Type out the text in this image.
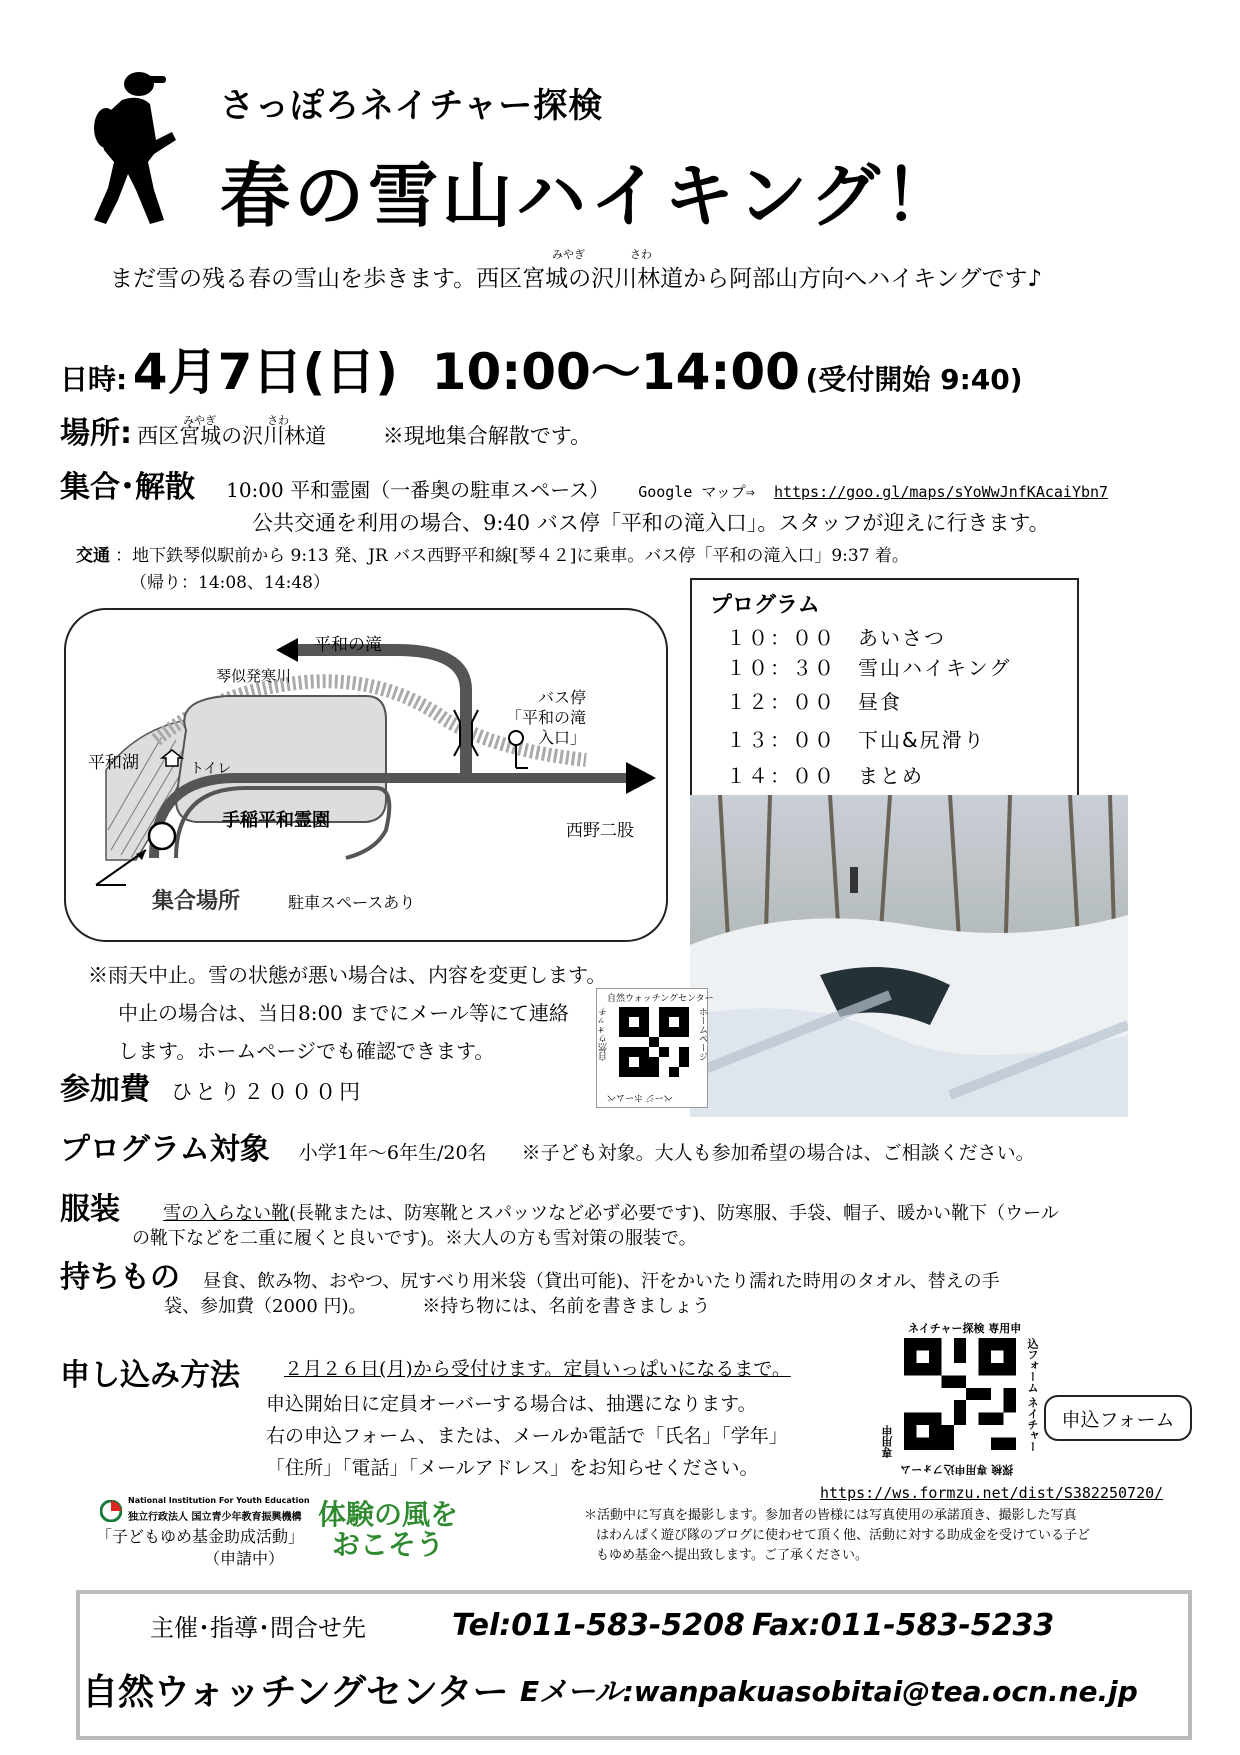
さっぽろネイチャー探検
春の雪山ハイキング！
まだ雪の残る春の雪山を歩きます。西区宮城の沢川林道から阿部山方向へハイキングです♪
みやぎ	さわ
日時: 4月7日(日) 10:00～14:00 (受付開始 9:40)
場所: 西区宮城の沢川林道
みやぎ	さわ
※現地集合解散です。
集合･解散 10:00 平和霊園（一番奥の駐車スペース） Google マップ⇒ https://goo.gl/maps/sYoWwJnfKAcaiYbn7
公共交通を利用の場合、9:40 バス停「平和の滝入口」。スタッフが迎えに行きます。
交通 ：地下鉄琴似駅前から 9:13 発、JR バス西野平和線[琴４２]に乗車。バス停「平和の滝入口」9:37 着。
（帰り：14:08、14:48）
平和の滝
琴似発寒川
平和湖	トイレ
手稲平和霊園
バス停
「平和の滝
入口」
西野二股
集合場所	駐車スペースあり
プログラム
１０：００ あいさつ
１０：３０ 雪山ハイキング
１２：００ 昼食
１３：００ 下山&尻滑り
１４：００ まとめ
自然ウォッチングセンター
ホームページ
自然ウォッチ
ページ ホームペ
※雨天中止。雪の状態が悪い場合は、内容を変更します。
中止の場合は、当日8:00 までにメール等にて連絡
します。ホームページでも確認できます。
参加費 ひとり２０００円
プログラム対象 小学1年～6年生/20名 ※子ども対象。大人も参加希望の場合は、ご相談ください。
服装 雪の入らない靴(長靴または、防寒靴とスパッツなど必ず必要です)、防寒服、手袋、帽子、暖かい靴下（ウール
の靴下などを二重に履くと良いです)。※大人の方も雪対策の服装で。
持ちもの 昼食、飲み物、おやつ、尻すべり用米袋（貸出可能)、汗をかいたり濡れた時用のタオル、替えの手
袋、参加費（2000 円)。	※持ち物には、名前を書きましょう
申し込み方法 ２月２６日(月)から受付けます。定員いっぱいになるまで。
申込開始日に定員オーバーする場合は、抽選になります。
右の申込フォーム、または、メールか電話で「氏名」「学年」
「住所」「電話」「メールアドレス」をお知らせください。
ネイチャー探検 専用申
専用申	込フォーム ネイチャー
探検 専用申込フォーム
申込フォーム
https://ws.formzu.net/dist/S382250720/
National Institution For Youth Education
独立行政法人 国立青少年教育振興機構
「子どもゆめ基金助成活動」
（申請中）
体験の風を
おこそう
＊活動中に写真を撮影します。参加者の皆様には写真使用の承諾頂き、撮影した写真
はわんぱく遊び隊のブログに使わせて頂く他、活動に対する助成金を受けている子ど
もゆめ基金へ提出致します。ご了承ください。
主催･指導･問合せ先	Tel:011-583-5208 Fax:011-583-5233
自然ウォッチングセンター Eメール:wanpakuasobitai@tea.ocn.ne.jp
